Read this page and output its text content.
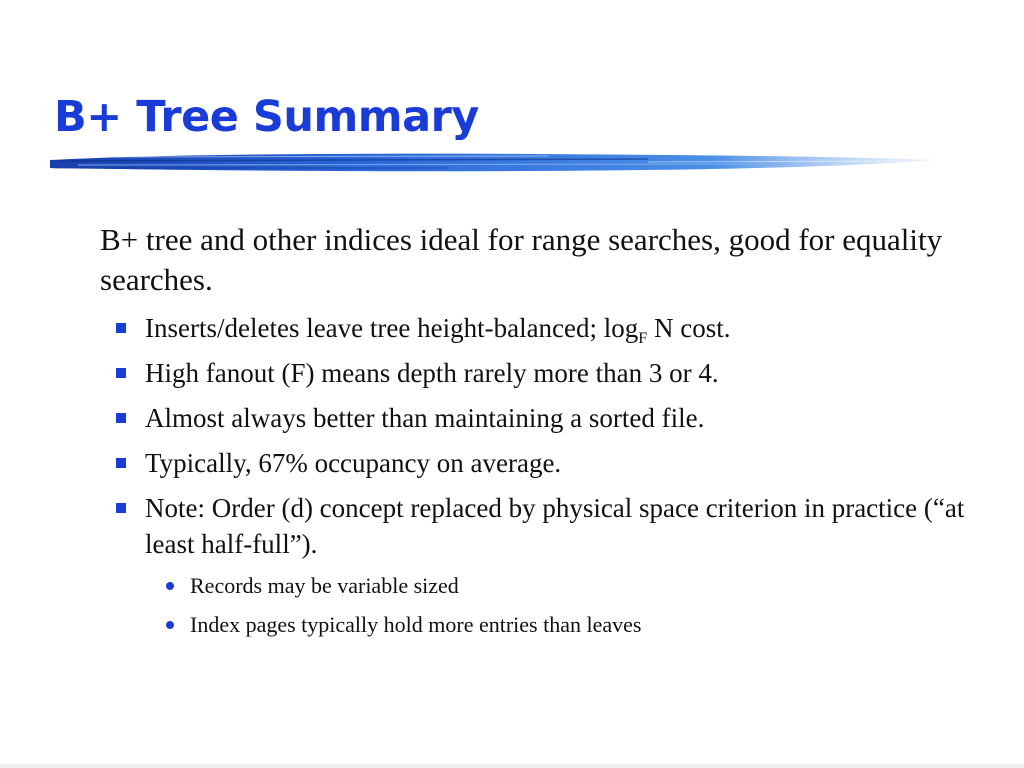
B+ Tree Summary
B+ tree and other indices ideal for range searches, good for equality searches.
Inserts/deletes leave tree height-balanced; $\log_F N$ cost.
High fanout (F) means depth rarely more than 3 or 4.
Almost always better than maintaining a sorted file.
Typically, 67% occupancy on average.
Note: Order (d) concept replaced by physical space criterion in practice (“at least half-full”).
Records may be variable sized
Index pages typically hold more entries than leaves
